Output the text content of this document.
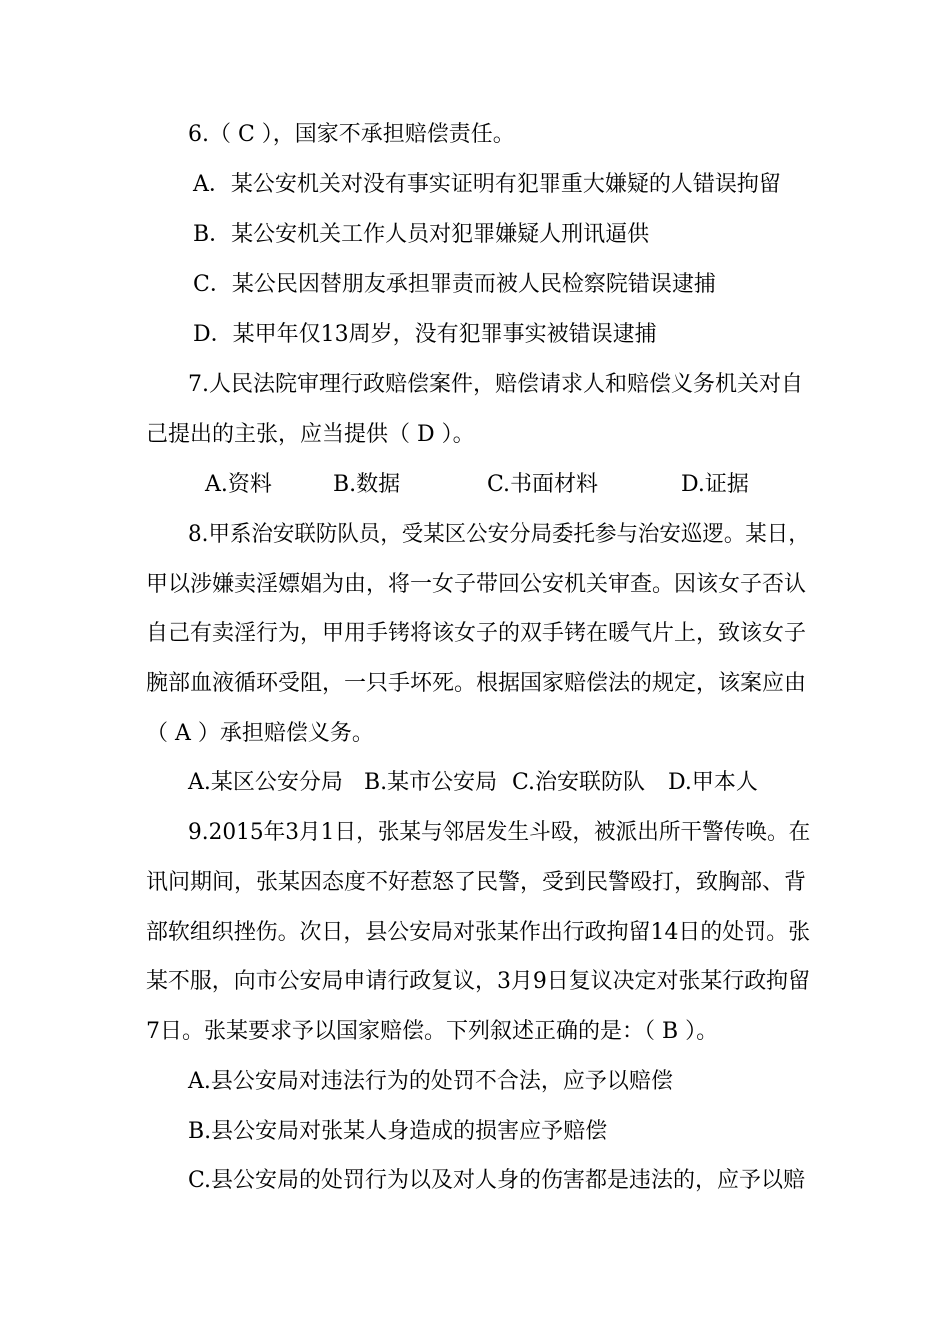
6.（ C ），国家不承担赔偿责任。
A．某公安机关对没有事实证明有犯罪重大嫌疑的人错误拘留
B．某公安机关工作人员对犯罪嫌疑人刑讯逼供
C．某公民因替朋友承担罪责而被人民检察院错误逮捕
D．某甲年仅13周岁，没有犯罪事实被错误逮捕
7.人民法院审理行政赔偿案件，赔偿请求人和赔偿义务机关对自
己提出的主张，应当提供（ D ）。
A.资料	B.数据	C.书面材料	D.证据
8.甲系治安联防队员，受某区公安分局委托参与治安巡逻。某日，
甲以涉嫌卖淫嫖娼为由，将一女子带回公安机关审查。因该女子否认
自己有卖淫行为，甲用手铐将该女子的双手铐在暖气片上，致该女子
腕部血液循环受阻，一只手坏死。根据国家赔偿法的规定，该案应由
（ A ）承担赔偿义务。
A.某区公安分局 B.某市公安局 C.治安联防队 D.甲本人
9.2015年3月1日，张某与邻居发生斗殴，被派出所干警传唤。在
讯问期间，张某因态度不好惹怒了民警，受到民警殴打，致胸部、背
部软组织挫伤。次日，县公安局对张某作出行政拘留14日的处罚。张
某不服，向市公安局申请行政复议，3月9日复议决定对张某行政拘留
7日。张某要求予以国家赔偿。下列叙述正确的是：（ B ）。
A.县公安局对违法行为的处罚不合法，应予以赔偿
B.县公安局对张某人身造成的损害应予赔偿
C.县公安局的处罚行为以及对人身的伤害都是违法的，应予以赔
